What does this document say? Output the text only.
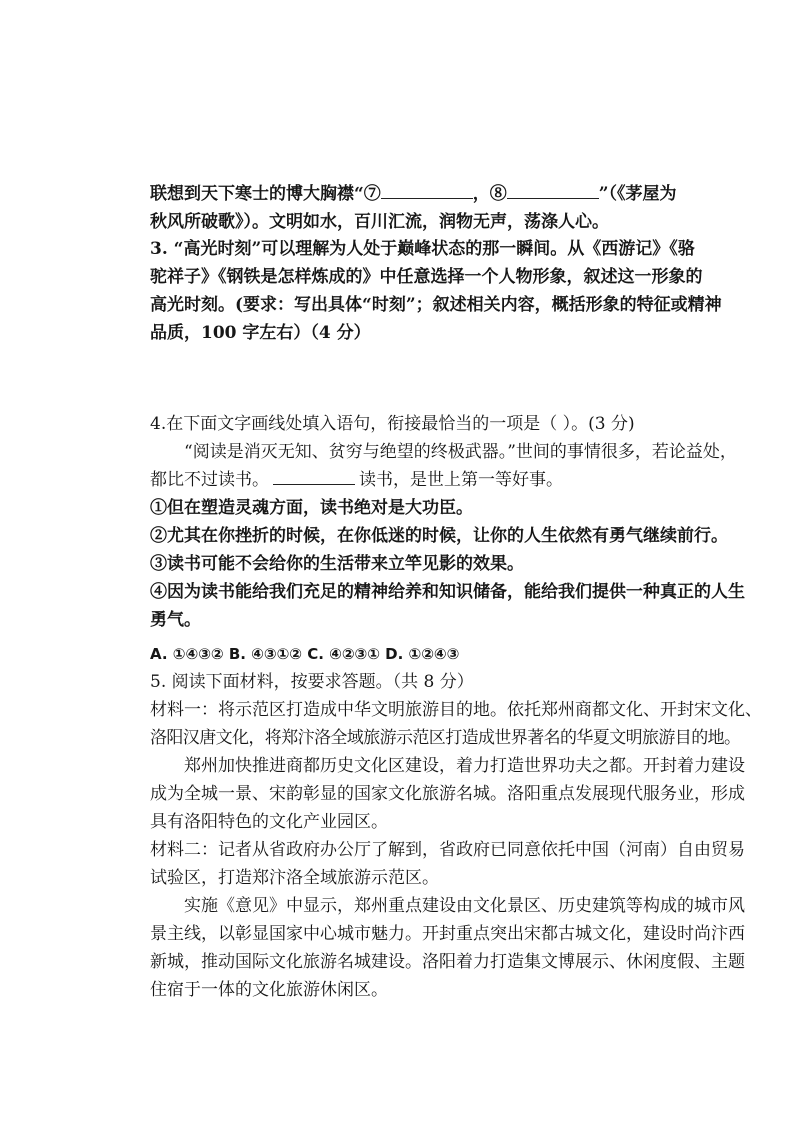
联想到天下寒士的博大胸襟“⑦	，⑧	”（《茅屋为
秋风所破歌》）。文明如水，百川汇流，润物无声，荡涤人心。
3. “高光时刻”可以理解为人处于巅峰状态的那一瞬间。从《西游记》《骆
驼祥子》《钢铁是怎样炼成的》中任意选择一个人物形象，叙述这一形象的
高光时刻。(要求：写出具体“时刻”；叙述相关内容，概括形象的特征或精神
品质，100 字左右）（4 分）
4.在下面文字画线处填入语句，衔接最恰当的一项是（ ）。(3 分)
“阅读是消灭无知、贫穷与绝望的终极武器。”世间的事情很多，若论益处，
都比不过读书。	读书，是世上第一等好事。
①但在塑造灵魂方面，读书绝对是大功臣。
②尤其在你挫折的时候，在你低迷的时候，让你的人生依然有勇气继续前行。
③读书可能不会给你的生活带来立竿见影的效果。
④因为读书能给我们充足的精神给养和知识储备，能给我们提供一种真正的人生
勇气。
A. ①④③② B. ④③①② C. ④②③① D. ①②④③
5. 阅读下面材料，按要求答题。（共 8 分）
材料一：将示范区打造成中华文明旅游目的地。依托郑州商都文化、开封宋文化、
洛阳汉唐文化，将郑汴洛全域旅游示范区打造成世界著名的华夏文明旅游目的地。
郑州加快推进商都历史文化区建设，着力打造世界功夫之都。开封着力建设
成为全城一景、宋韵彰显的国家文化旅游名城。洛阳重点发展现代服务业，形成
具有洛阳特色的文化产业园区。
材料二：记者从省政府办公厅了解到，省政府已同意依托中国（河南）自由贸易
试验区，打造郑汴洛全域旅游示范区。
实施《意见》中显示，郑州重点建设由文化景区、历史建筑等构成的城市风
景主线，以彰显国家中心城市魅力。开封重点突出宋都古城文化，建设时尚汴西
新城，推动国际文化旅游名城建设。洛阳着力打造集文博展示、休闲度假、主题
住宿于一体的文化旅游休闲区。
